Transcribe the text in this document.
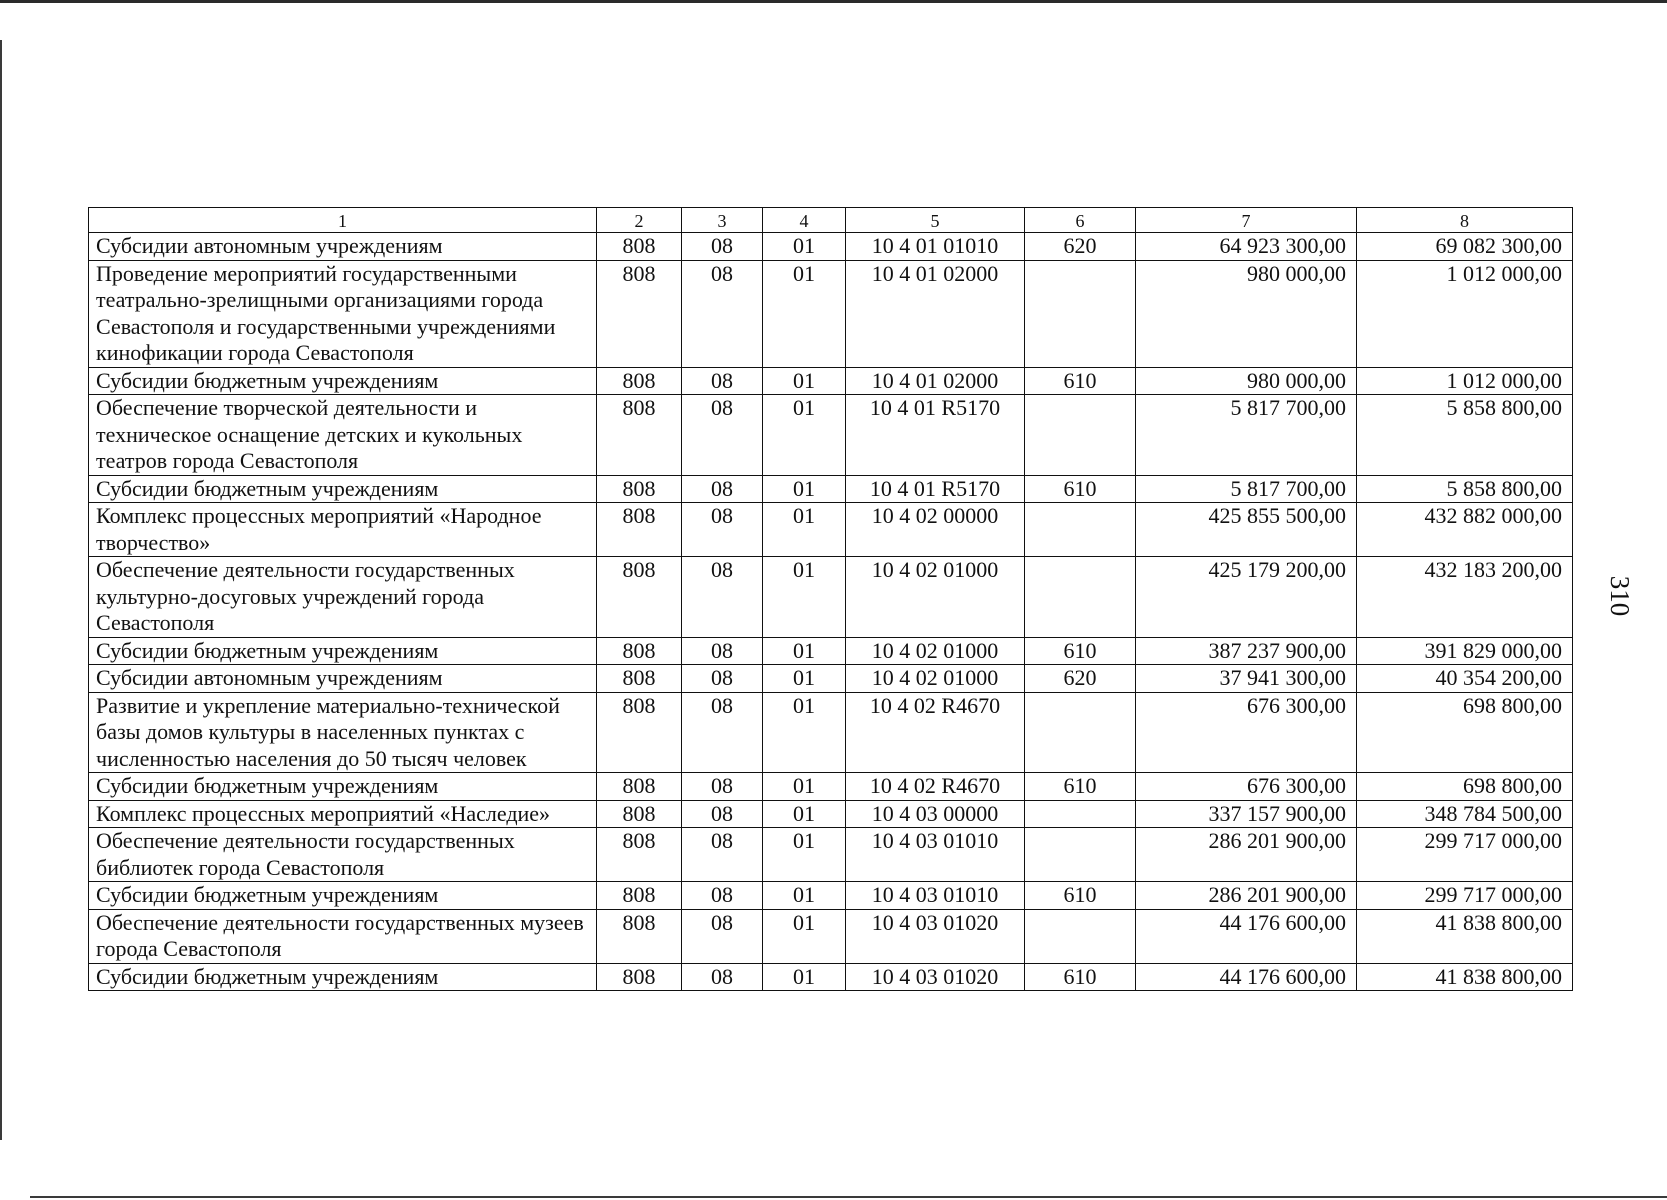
310
1	2	3	4	5	6	7	8
Субсидии автономным учреждениям	808	08	01	10 4 01 01010	620	64 923 300,00	69 082 300,00
Проведение мероприятий государственными театрально-зрелищными организациями города Севастополя и государственными учреждениями кинофикации города Севастополя	808	08	01	10 4 01 02000		980 000,00	1 012 000,00
Субсидии бюджетным учреждениям	808	08	01	10 4 01 02000	610	980 000,00	1 012 000,00
Обеспечение творческой деятельности и техническое оснащение детских и кукольных театров города Севастополя	808	08	01	10 4 01 R5170		5 817 700,00	5 858 800,00
Субсидии бюджетным учреждениям	808	08	01	10 4 01 R5170	610	5 817 700,00	5 858 800,00
Комплекс процессных мероприятий «Народное творчество»	808	08	01	10 4 02 00000		425 855 500,00	432 882 000,00
Обеспечение деятельности государственных культурно-досуговых учреждений города Севастополя	808	08	01	10 4 02 01000		425 179 200,00	432 183 200,00
Субсидии бюджетным учреждениям	808	08	01	10 4 02 01000	610	387 237 900,00	391 829 000,00
Субсидии автономным учреждениям	808	08	01	10 4 02 01000	620	37 941 300,00	40 354 200,00
Развитие и укрепление материально-технической базы домов культуры в населенных пунктах с численностью населения до 50 тысяч человек	808	08	01	10 4 02 R4670		676 300,00	698 800,00
Субсидии бюджетным учреждениям	808	08	01	10 4 02 R4670	610	676 300,00	698 800,00
Комплекс процессных мероприятий «Наследие»	808	08	01	10 4 03 00000		337 157 900,00	348 784 500,00
Обеспечение деятельности государственных библиотек города Севастополя	808	08	01	10 4 03 01010		286 201 900,00	299 717 000,00
Субсидии бюджетным учреждениям	808	08	01	10 4 03 01010	610	286 201 900,00	299 717 000,00
Обеспечение деятельности государственных музеев города Севастополя	808	08	01	10 4 03 01020		44 176 600,00	41 838 800,00
Субсидии бюджетным учреждениям	808	08	01	10 4 03 01020	610	44 176 600,00	41 838 800,00
